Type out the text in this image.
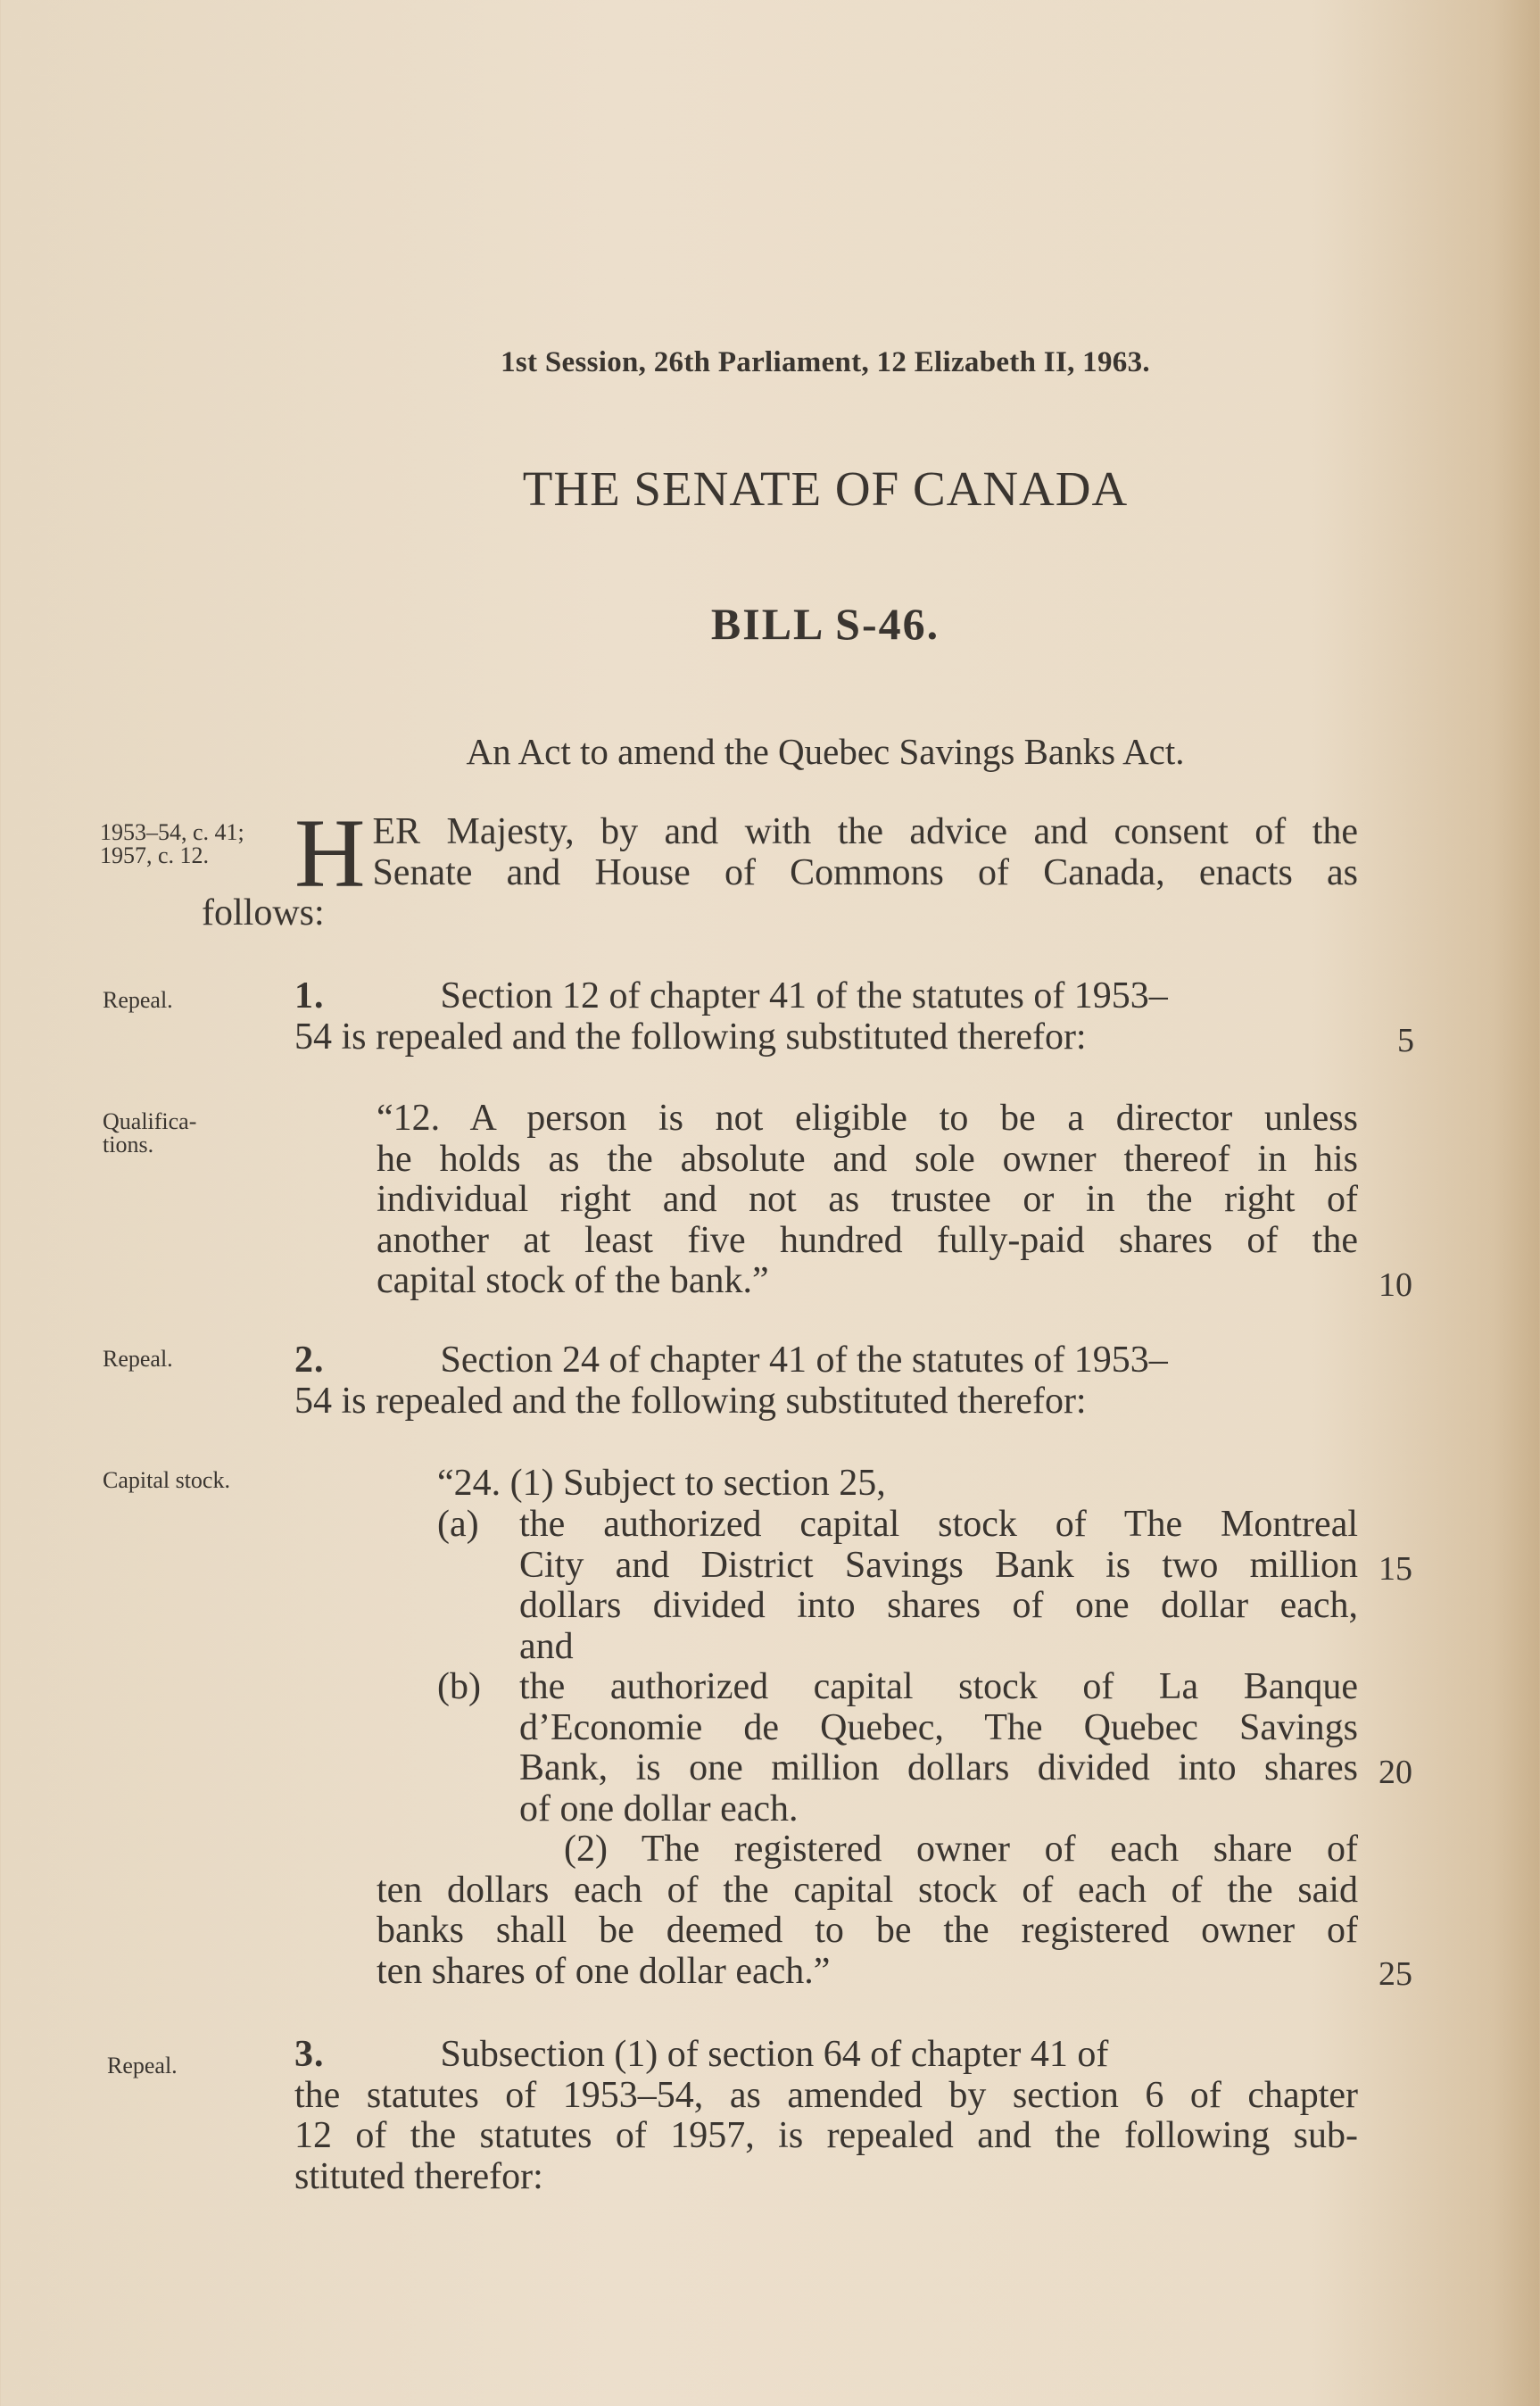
1st Session, 26th Parliament, 12 Elizabeth II, 1963.
THE SENATE OF CANADA
BILL S-46.
An Act to amend the Quebec Savings Banks Act.
1953–54, c. 41;
1957, c. 12.
Repeal.
Qualifica-
tions.
Repeal.
Capital stock.
Repeal.
H ER Majesty, by and with the advice and consent of the
Senate and House of Commons of Canada, enacts as
follows:
1.	Section 12 of chapter 41 of the statutes of 1953–
54 is repealed and the following substituted therefor:
“12. A person is not eligible to be a director unless
he holds as the absolute and sole owner thereof in his
individual right and not as trustee or in the right of
another at least five hundred fully-paid shares of the
capital stock of the bank.”
2.	Section 24 of chapter 41 of the statutes of 1953–
54 is repealed and the following substituted therefor:
“24. (1) Subject to section 25,
(a) the authorized capital stock of The Montreal
City and District Savings Bank is two million
dollars divided into shares of one dollar each,
and
(b) the authorized capital stock of La Banque
d’Economie de Quebec, The Quebec Savings
Bank, is one million dollars divided into shares
of one dollar each.
(2) The registered owner of each share of
ten dollars each of the capital stock of each of the said
banks shall be deemed to be the registered owner of
ten shares of one dollar each.”
3.	Subsection (1) of section 64 of chapter 41 of
the statutes of 1953–54, as amended by section 6 of chapter
12 of the statutes of 1957, is repealed and the following sub-
stituted therefor:
5
10
15
20
25
